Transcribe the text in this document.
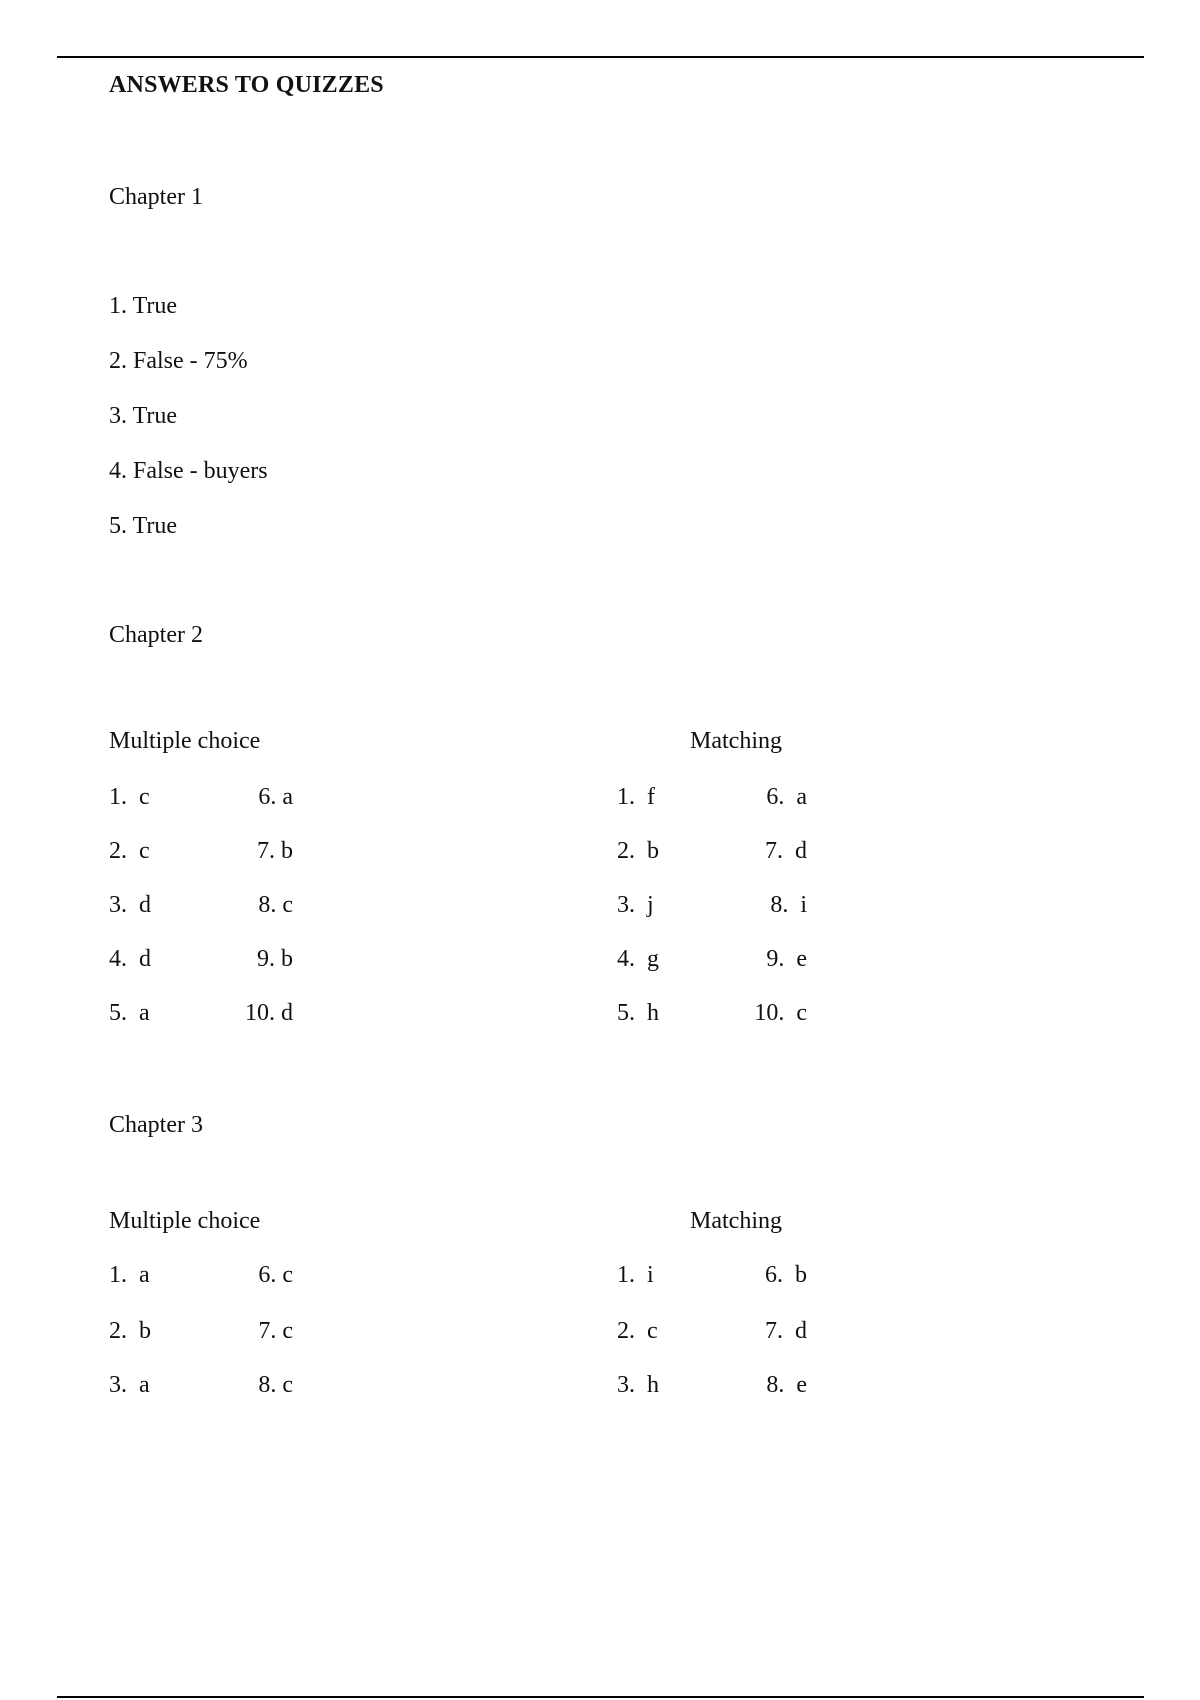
ANSWERS TO QUIZZES
Chapter 1
1. True
2. False - 75%
3. True
4. False - buyers
5. True
Chapter 2
Multiple choice	Matching
1.  c	6. a	1.  f	6.  a
2.  c	7. b	2.  b	7.  d
3.  d	8. c	3.  j	8.  i
4.  d	9. b	4.  g	9.  e
5.  a	10. d	5.  h	10.  c
Chapter 3
Multiple choice	Matching
1.  a	6. c	1.  i	6.  b
2.  b	7. c	2.  c	7.  d
3.  a	8. c	3.  h	8.  e
